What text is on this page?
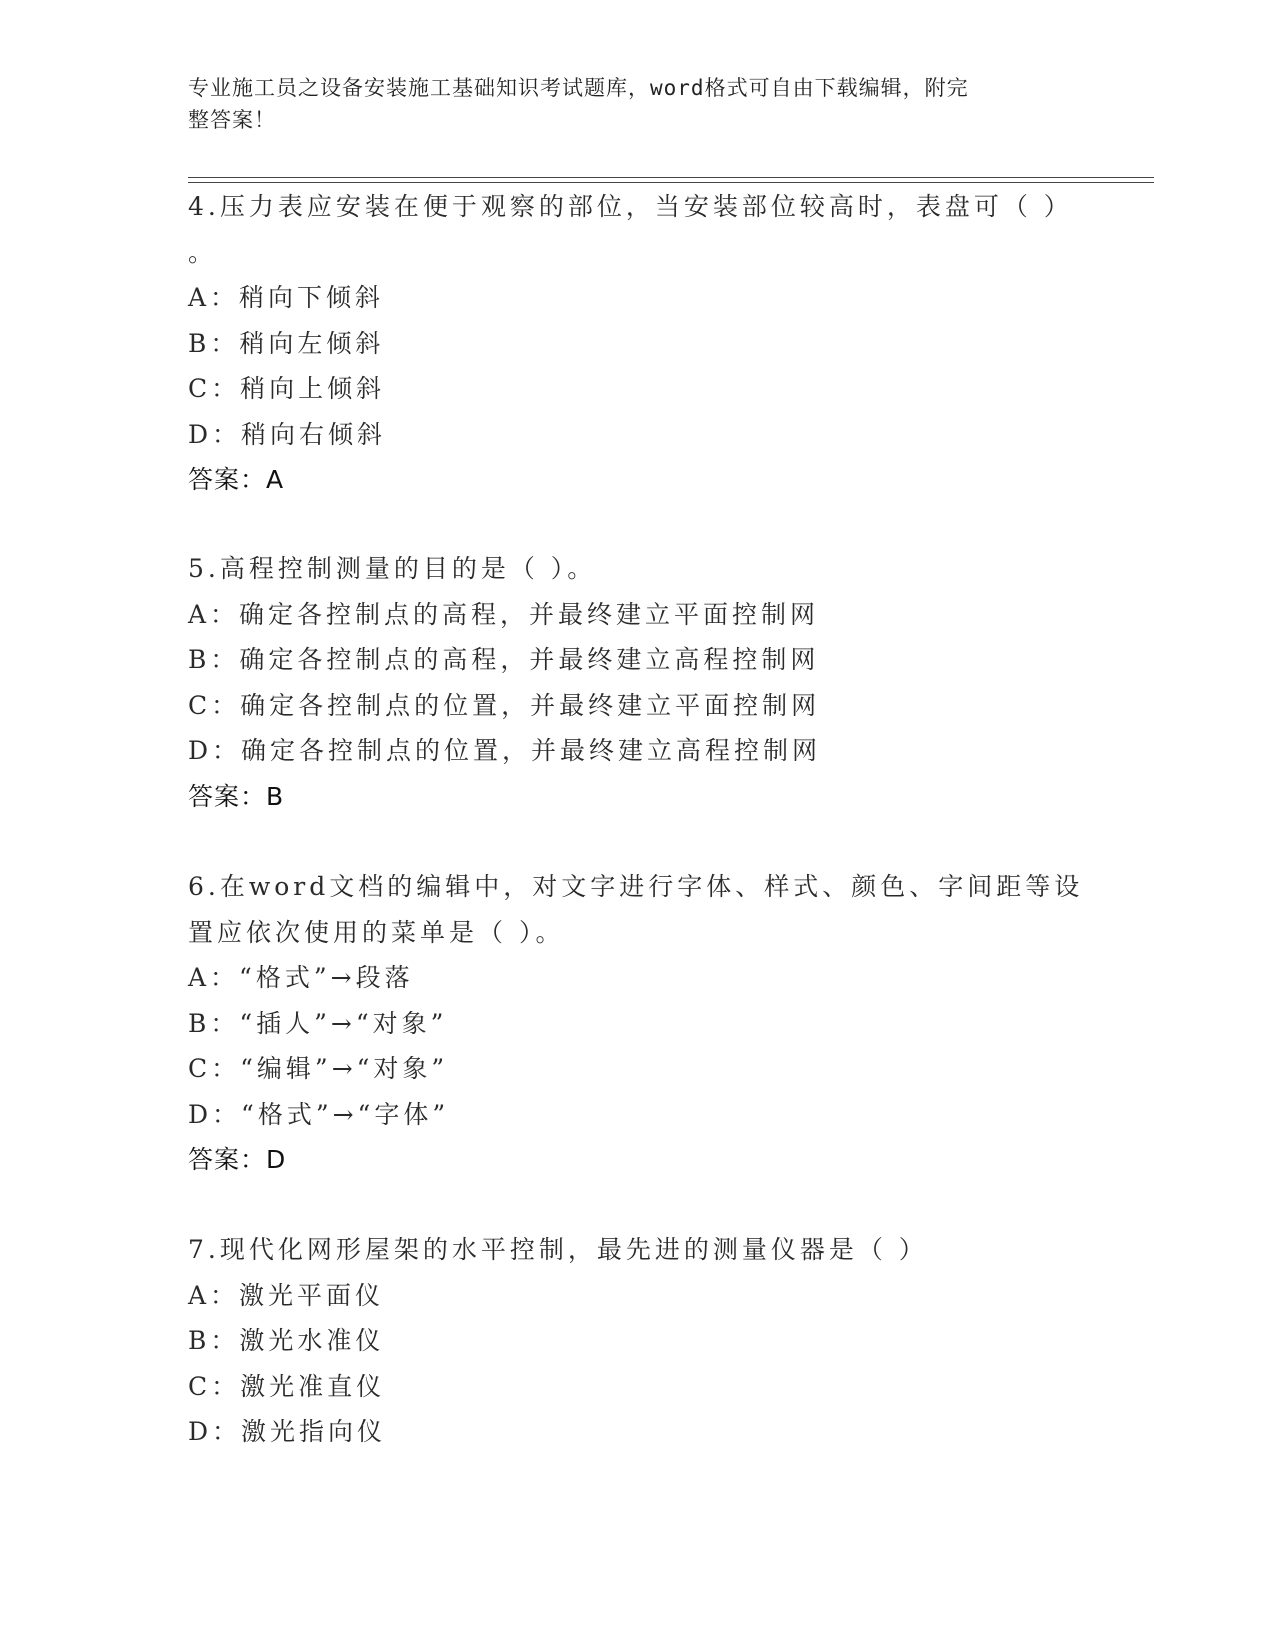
专业施工员之设备安装施工基础知识考试题库，word格式可自由下载编辑，附完
整答案！
4.压力表应安装在便于观察的部位，当安装部位较高时，表盘可（ ）
。
A：稍向下倾斜
B：稍向左倾斜
C：稍向上倾斜
D：稍向右倾斜
答案：A
5.高程控制测量的目的是（ ）。
A：确定各控制点的高程，并最终建立平面控制网
B：确定各控制点的高程，并最终建立高程控制网
C：确定各控制点的位置，并最终建立平面控制网
D：确定各控制点的位置，并最终建立高程控制网
答案：B
6.在word文档的编辑中，对文字进行字体、样式、颜色、字间距等设
置应依次使用的菜单是（ ）。
A：“格式”→段落
B：“插人”→“对象”
C：“编辑”→“对象”
D：“格式”→“字体”
答案：D
7.现代化网形屋架的水平控制，最先进的测量仪器是（ ）
A：激光平面仪
B：激光水准仪
C：激光准直仪
D：激光指向仪
